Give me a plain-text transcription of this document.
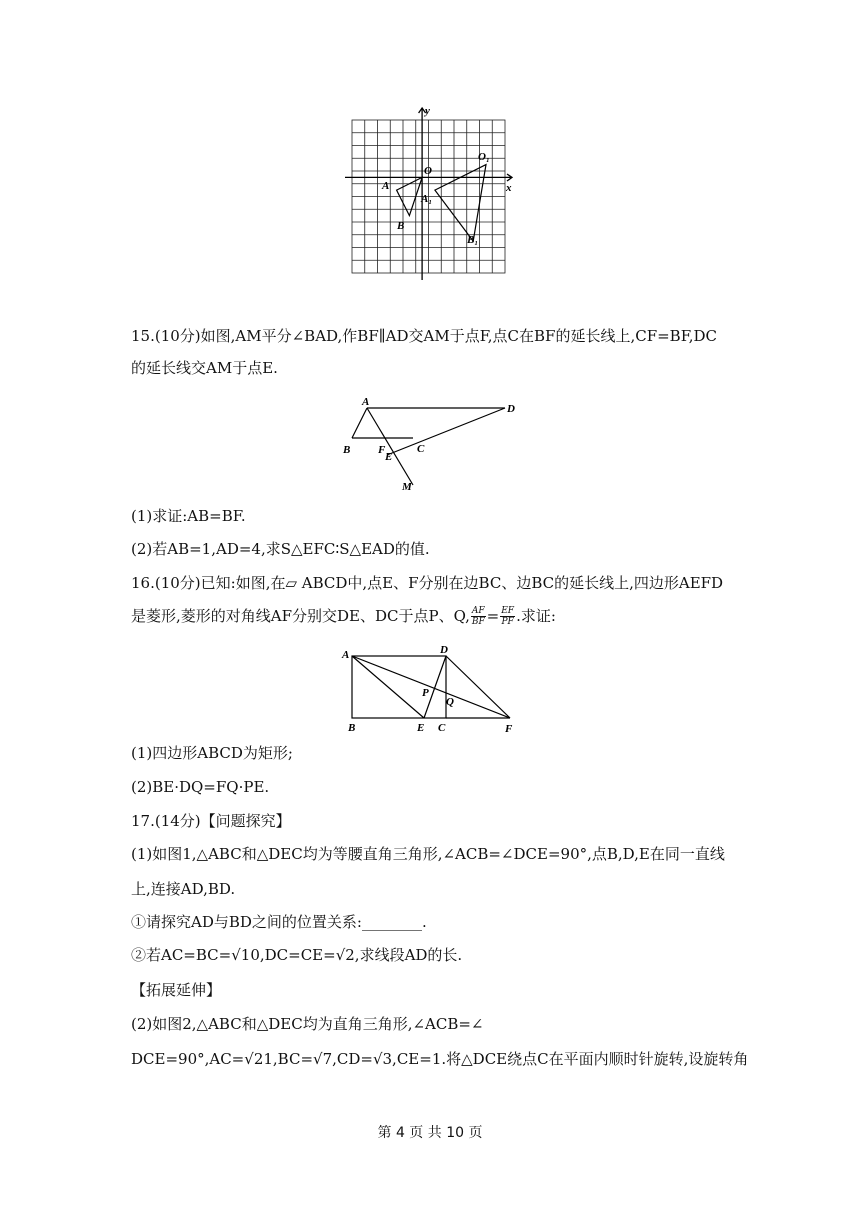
y
x
O
O₁
A
A₁
B
B₁
15.(10分)如图,AM平分∠BAD,作BF∥AD交AM于点F,点C在BF的延长线上,CF=BF,DC
的延长线交AM于点E.
A
D
B	F
E
C
M
(1)求证:AB=BF.
(2)若AB=1,AD=4,求S△EFC∶S△EAD的值.
16.(10分)已知:如图,在▱ ABCD中,点E、F分别在边BC、边BC的延长线上,四边形AEFD
是菱形,菱形的对角线AF分别交DE、DC于点P、Q, $\frac{AF}{BF} = \frac{EF}{PF}$ .求证:
A	D
P
Q
B	E C	F
(1)四边形ABCD为矩形;
(2)BE·DQ=FQ·PE.
17.(14分)【问题探究】
(1)如图1,△ABC和△DEC均为等腰直角三角形,∠ACB=∠DCE=90°,点B,D,E在同一直线
上,连接AD,BD.
①请探究AD与BD之间的位置关系:________.
②若AC=BC=√10,DC=CE=√2,求线段AD的长.
【拓展延伸】
(2)如图2,△ABC和△DEC均为直角三角形,∠ACB=∠
DCE=90°,AC=√21,BC=√7,CD=√3,CE=1.将△DCE绕点C在平面内顺时针旋转,设旋转角
第 4 页 共 10 页
